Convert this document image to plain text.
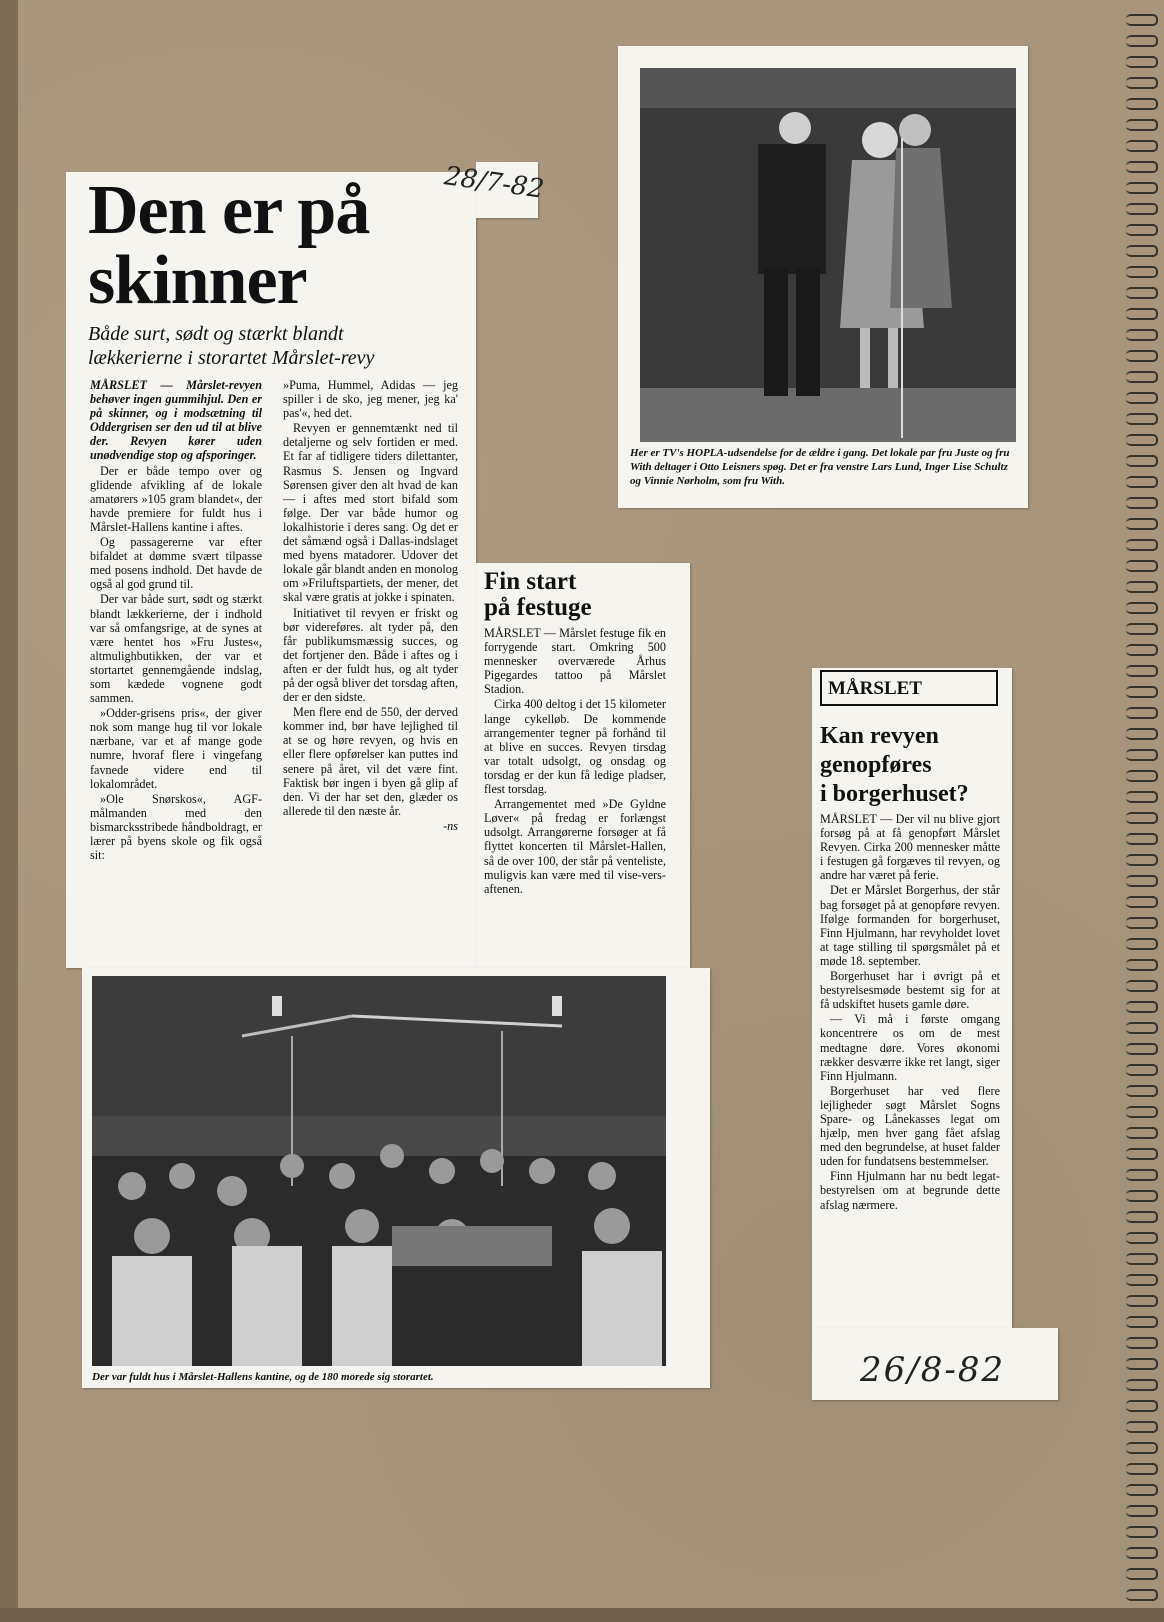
28/7-82
Den er på
skinner
Både surt, sødt og stærkt blandt
lækkerierne i storartet Mårslet-revy

MÅRSLET — Mårslet-revyen behøver ingen gummihjul. Den er på skinner, og i modsætning til Oddergrisen ser den ud til at blive der. Revyen kører uden unødvendige stop og afsporinger.

Der er både tempo over og glidende afvikling af de lokale amatørers »105 gram blandet«, der havde premiere for fuldt hus i Mårslet-Hallens kantine i aftes.

Og passagererne var efter bifaldet at dømme svært tilpasse med posens indhold. Det havde de også al god grund til.

Der var både surt, sødt og stærkt blandt lækkerierne, der i indhold var så omfangsrige, at de synes at være hentet hos »Fru Justes«, altmulighbutikken, der var et stortartet gennemgående indslag, som kædede vognene godt sammen.

»Odder-grisens pris«, der giver nok som mange hug til vor lokale nærbane, var et af mange gode numre, hvoraf flere i vingefang favnede videre end til lokalområdet.

»Ole Snørskos«, AGF-målmanden med den bismarcksstribede håndboldragt, er lærer på byens skole og fik også sit:

»Puma, Hummel, Adidas — jeg spiller i de sko, jeg mener, jeg ka' pas'«, hed det.

Revyen er gennemtænkt ned til detaljerne og selv fortiden er med. Et far af tidligere tiders dilettanter, Rasmus S. Jensen og Ingvard Sørensen giver den alt hvad de kan — i aftes med stort bifald som følge. Der var både humor og lokalhistorie i deres sang. Og det er det såmænd også i Dallas-indslaget med byens matadorer. Udover det lokale går blandt anden en monolog om »Friluftspartiets, der mener, det skal være gratis at jokke i spinaten.

Initiativet til revyen er friskt og bør videreføres. alt tyder på, den får publikumsmæssig succes, og det fortjener den. Både i aftes og i aften er der fuldt hus, og alt tyder på der også bliver det torsdag aften, der er den sidste.

Men flere end de 550, der derved kommer ind, bør have lejlighed til at se og høre revyen, og hvis en eller flere opførelser kan puttes ind senere på året, vil det være fint. Faktisk bør ingen i byen gå glip af den. Vi der har set den, glæder os allerede til den næste år.

-ns

Her er TV's HOPLA-udsendelse for de ældre i gang. Det lokale par fru Juste og fru With deltager i Otto Leisners spøg. Det er fra venstre Lars Lund, Inger Lise Schultz og Vinnie Nørholm, som fru With.
Fin start
på festuge

MÅRSLET — Mårslet festuge fik en forrygende start. Omkring 500 mennesker overværede Århus Pigegardes tattoo på Mårslet Stadion.

Cirka 400 deltog i det 15 kilometer lange cykelløb. De kommende arrangementer tegner på forhånd til at blive en succes. Revyen tirsdag var totalt udsolgt, og onsdag og torsdag er der kun få ledige pladser, flest torsdag.

Arrangementet med »De Gyldne Løver« på fredag er forlængst udsolgt. Arrangørerne forsøger at få flyttet koncerten til Mårslet-Hallen, så de over 100, der står på venteliste, muligvis kan være med til vise-vers-aftenen.

Der var fuldt hus i Mårslet-Hallens kantine, og de 180 morede sig storartet.
MÅRSLET
Kan revyen
genopføres
i borgerhuset?

MÅRSLET — Der vil nu blive gjort forsøg på at få genopført Mårslet Revyen. Cirka 200 mennesker måtte i festugen gå forgæves til revyen, og andre har været på ferie.

Det er Mårslet Borgerhus, der står bag forsøget på at genopføre revyen. Ifølge formanden for borgerhuset, Finn Hjulmann, har revyholdet lovet at tage stilling til spørgsmålet på et møde 18. september.

Borgerhuset har i øvrigt på et bestyrelsesmøde bestemt sig for at få udskiftet husets gamle døre.

— Vi må i første omgang koncentrere os om de mest medtagne døre. Vores økonomi rækker desværre ikke ret langt, siger Finn Hjulmann.

Borgerhuset har ved flere lejligheder søgt Mårslet Sogns Spare- og Lånekasses legat om hjælp, men hver gang fået afslag med den begrundelse, at huset falder uden for fundatsens bestemmelser.

Finn Hjulmann har nu bedt legat-bestyrelsen om at begrunde dette afslag nærmere.

26/8-82
